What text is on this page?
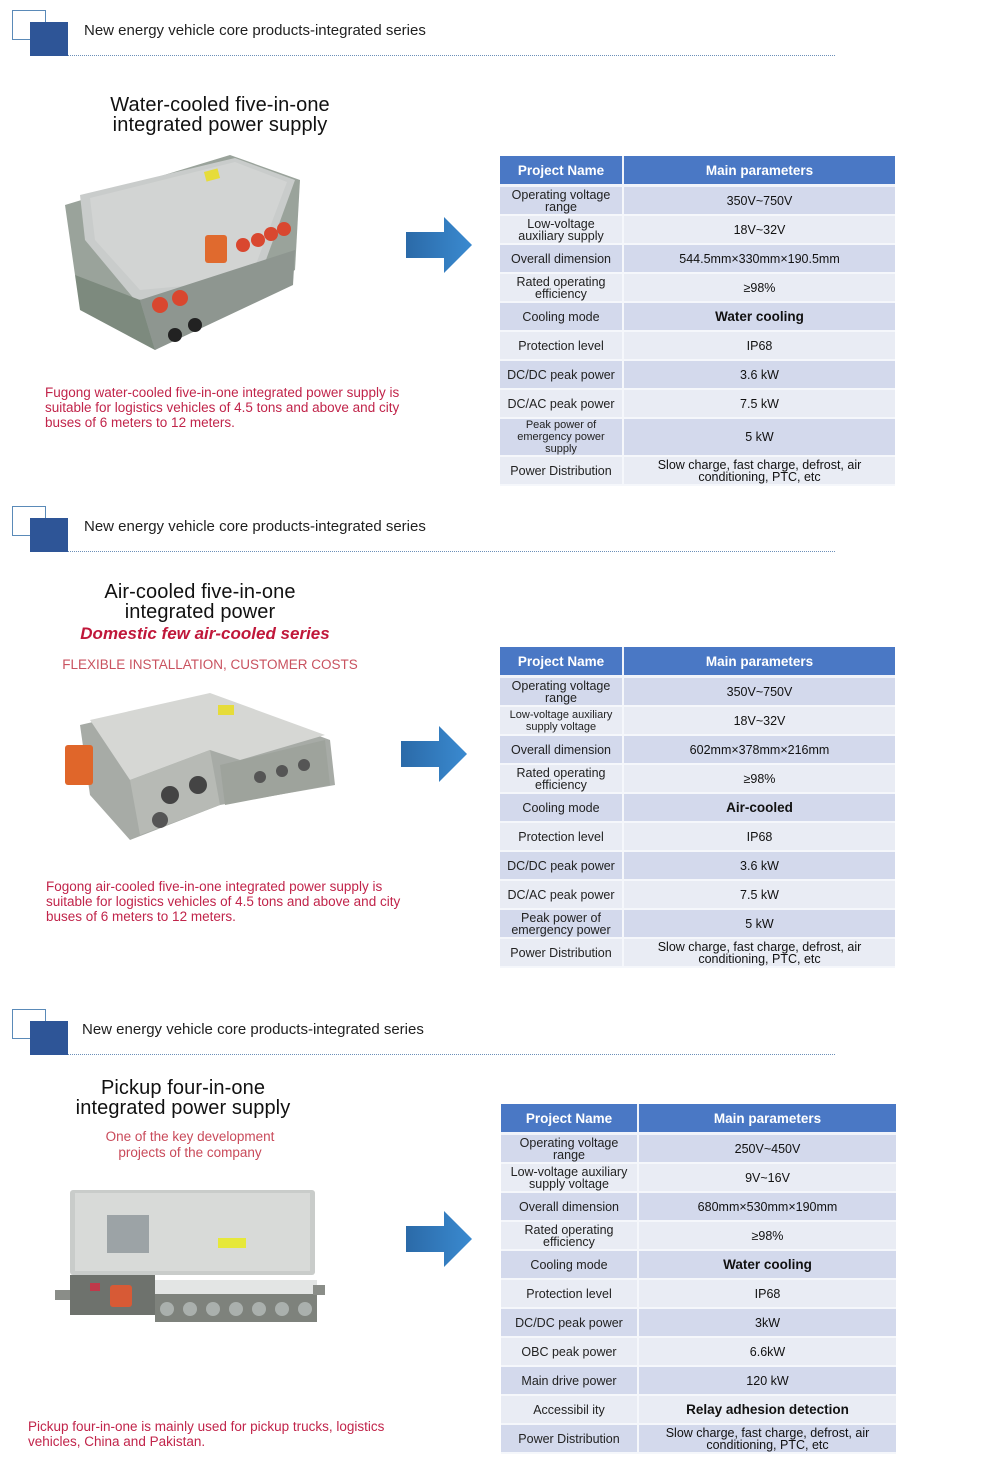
New energy vehicle core products-integrated series
Water-cooled five-in-one
integrated power supply
Fugong water-cooled five-in-one integrated power supply is suitable for logistics vehicles of 4.5 tons and above and city buses of 6 meters to 12 meters.
Project Name	Main parameters
Operating voltage range	350V~750V
Low-voltage auxiliary supply	18V~32V
Overall dimension	544.5mm×330mm×190.5mm
Rated operating efficiency	≥98%
Cooling mode	Water cooling
Protection level	IP68
DC/DC peak power	3.6 kW
DC/AC peak power	7.5 kW
Peak power of emergency power supply	5 kW
Power Distribution	Slow charge, fast charge, defrost, air conditioning, PTC, etc
New energy vehicle core products-integrated series
Air-cooled five-in-one
integrated power
Domestic few air-cooled series
FLEXIBLE INSTALLATION, CUSTOMER COSTS
Fogong air-cooled five-in-one integrated power supply is suitable for logistics vehicles of 4.5 tons and above and city buses of 6 meters to 12 meters.
Project Name	Main parameters
Operating voltage range	350V~750V
Low-voltage auxiliary supply voltage	18V~32V
Overall dimension	602mm×378mm×216mm
Rated operating efficiency	≥98%
Cooling mode	Air-cooled
Protection level	IP68
DC/DC peak power	3.6 kW
DC/AC peak power	7.5 kW
Peak power of emergency power	5 kW
Power Distribution	Slow charge, fast charge, defrost, air conditioning, PTC, etc
New energy vehicle core products-integrated series
Pickup four-in-one
integrated power supply
One of the key development
projects of the company
Pickup four-in-one is mainly used for pickup trucks, logistics vehicles, China and Pakistan.
Project Name	Main parameters
Operating voltage range	250V~450V
Low-voltage auxiliary supply voltage	9V~16V
Overall dimension	680mm×530mm×190mm
Rated operating efficiency	≥98%
Cooling mode	Water cooling
Protection level	IP68
DC/DC peak power	3kW
OBC peak power	6.6kW
Main drive power	120 kW
Accessibil ity	Relay adhesion detection
Power Distribution	Slow charge, fast charge, defrost, air conditioning, PTC, etc
